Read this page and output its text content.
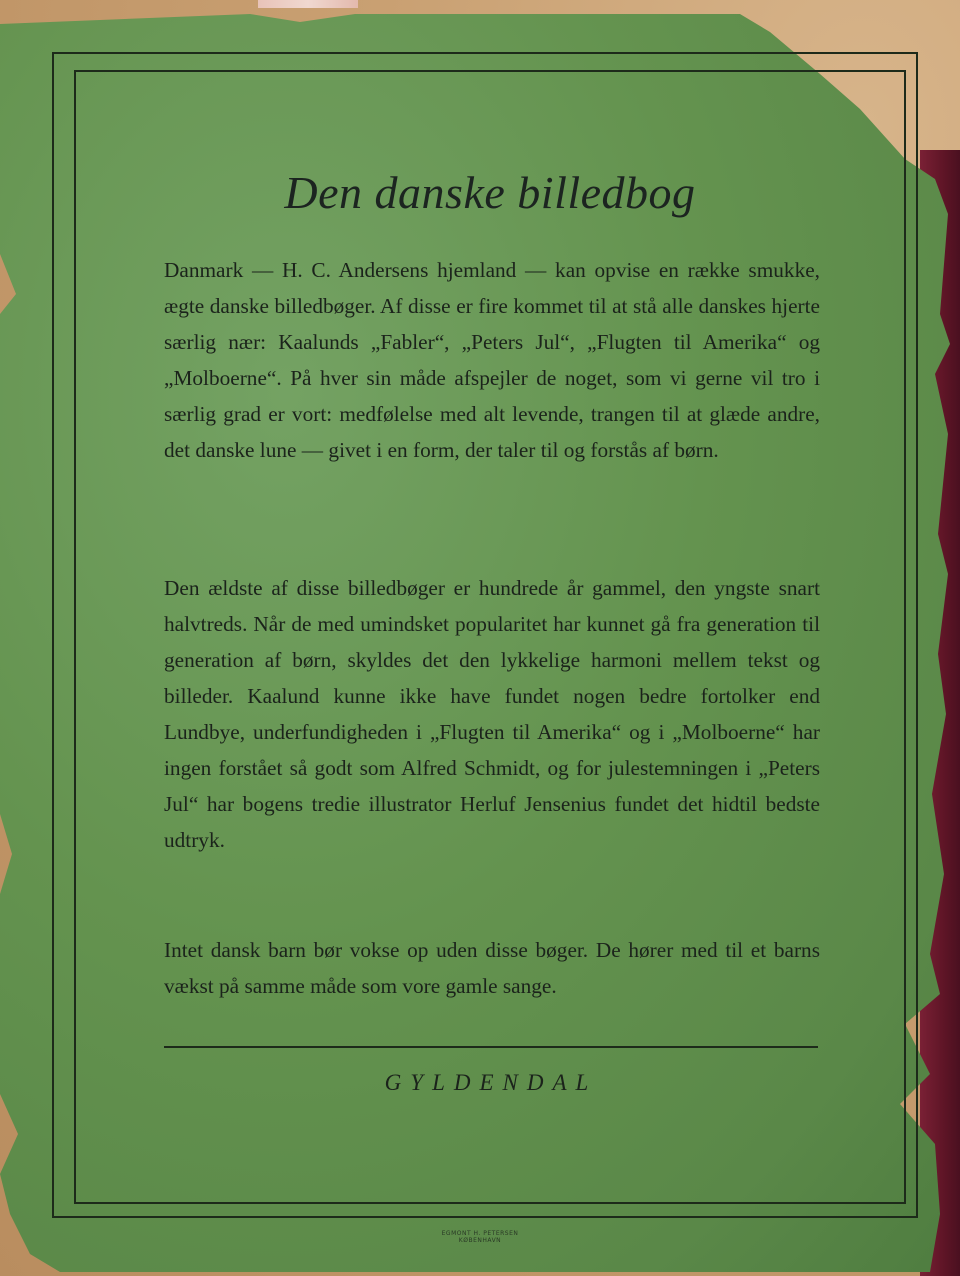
Den danske billedbog

Danmark — H. C. Andersens hjemland — kan opvise en række smukke, ægte danske billedbøger. Af disse er fire kommet til at stå alle danskes hjerte særlig nær: Kaalunds „Fabler“, „Peters Jul“, „Flugten til Amerika“ og „Molboerne“. På hver sin måde afspejler de noget, som vi gerne vil tro i særlig grad er vort: medfølelse med alt levende, trangen til at glæde andre, det danske lune — givet i en form, der taler til og forstås af børn.

Den ældste af disse billedbøger er hundrede år gammel, den yngste snart halvtreds. Når de med umindsket popularitet har kunnet gå fra generation til generation af børn, skyldes det den lykkelige harmoni mellem tekst og billeder. Kaalund kunne ikke have fundet nogen bedre fortolker end Lundbye, underfundigheden i „Flugten til Amerika“ og i „Molboerne“ har ingen forstået så godt som Alfred Schmidt, og for julestemningen i „Peters Jul“ har bogens tredie illustrator Herluf Jensenius fundet det hidtil bedste udtryk.

Intet dansk barn bør vokse op uden disse bøger. De hører med til et barns vækst på samme måde som vore gamle sange.

GYLDENDAL
EGMONT H. PETERSEN
KØBENHAVN
